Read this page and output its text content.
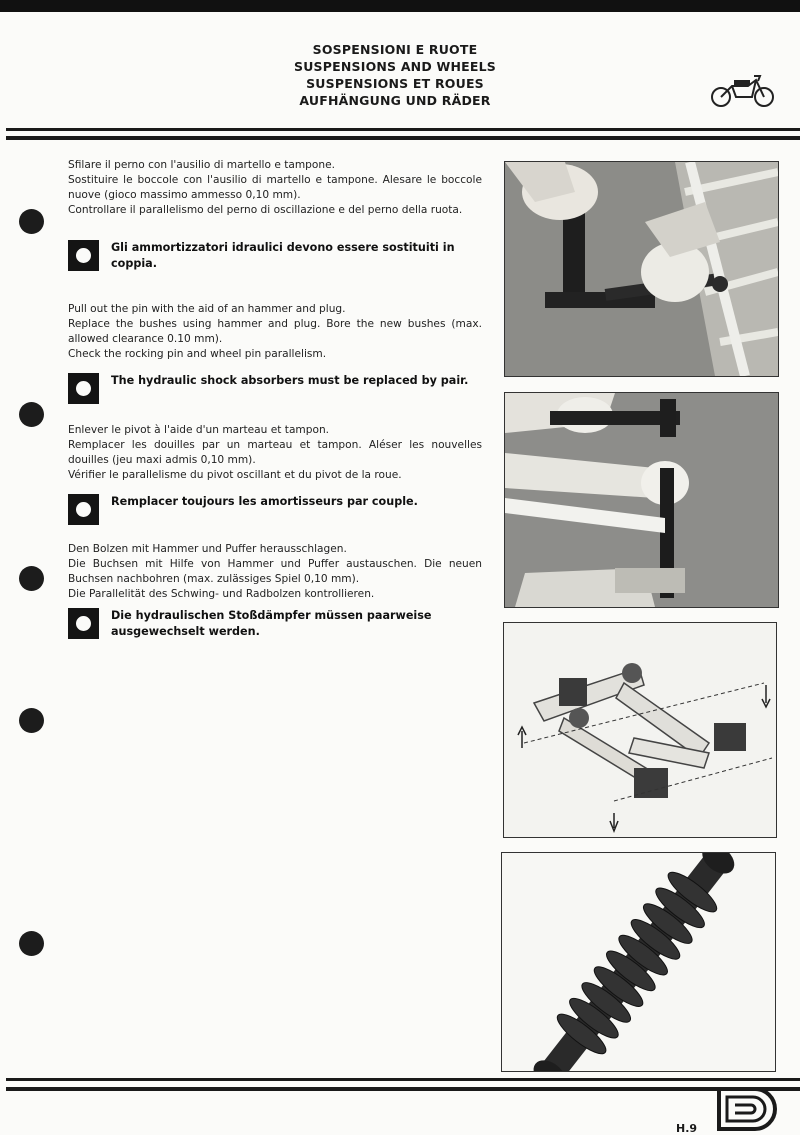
SOSPENSIONI E RUOTE
SUSPENSIONS AND WHEELS
SUSPENSIONS ET ROUES
AUFHÄNGUNG UND RÄDER

Sfilare il perno con l'ausilio di martello e tampone.

Sostituire le boccole con l'ausilio di martello e tampone. Alesare le boccole nuove (gioco massimo ammesso 0,10 mm).

Controllare il parallelismo del perno di oscillazione e del perno della ruota.

Gli ammortizzatori idraulici devono essere sostituiti in coppia.

Pull out the pin with the aid of an hammer and plug.

Replace the bushes using hammer and plug. Bore the new bushes (max. allowed clearance 0.10 mm).

Check the rocking pin and wheel pin parallelism.

The hydraulic shock absorbers must be replaced by pair.

Enlever le pivot à l'aide d'un marteau et tampon.

Remplacer les douilles par un marteau et tampon. Aléser les nouvelles douilles (jeu maxi admis 0,10 mm).

Vérifier le parallelisme du pivot oscillant et du pivot de la roue.

Remplacer toujours les amortisseurs par couple.

Den Bolzen mit Hammer und Puffer herausschlagen.

Die Buchsen mit Hilfe von Hammer und Puffer austauschen. Die neuen Buchsen nachbohren (max. zulässiges Spiel 0,10 mm).

Die Parallelität des Schwing- und Radbolzen kontrollieren.

Die hydraulischen Stoßdämpfer müssen paarweise ausgewechselt werden.
H.9
